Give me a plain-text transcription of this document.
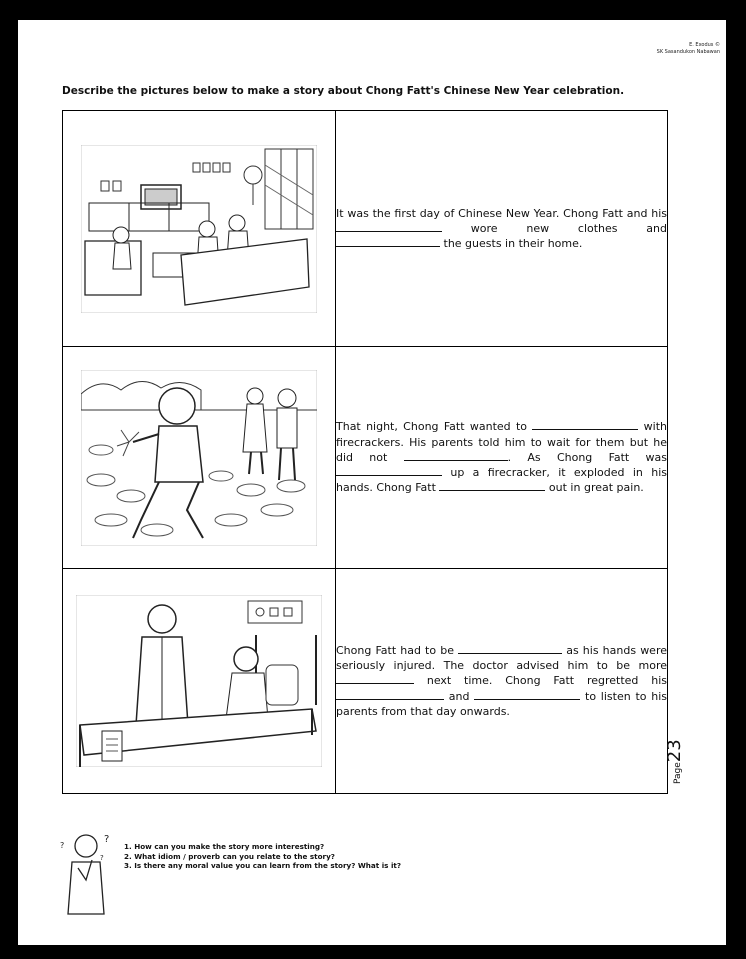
E. Exodus ©
SK Sasandukon Nabawan
Describe the pictures below to make a story about Chong Fatt's Chinese New Year celebration.

It was the first day of Chinese New Year. Chong Fatt and his  wore new clothes and  the guests in their home.

That night, Chong Fatt wanted to with firecrackers. His parents told him to wait for them but he did not . As Chong Fatt was  up a firecracker, it exploded in his hands. Chong Fatt out in great pain.

Chong Fatt had to be as his hands were seriously injured. The doctor advised him to be more  next time. Chong Fatt regretted his  and to listen to his parents from that day onwards.
Page23
?
?
?
1. How can you make the story more interesting?
2. What idiom / proverb can you relate to the story?
3. Is there any moral value you can learn from the story? What is it?
